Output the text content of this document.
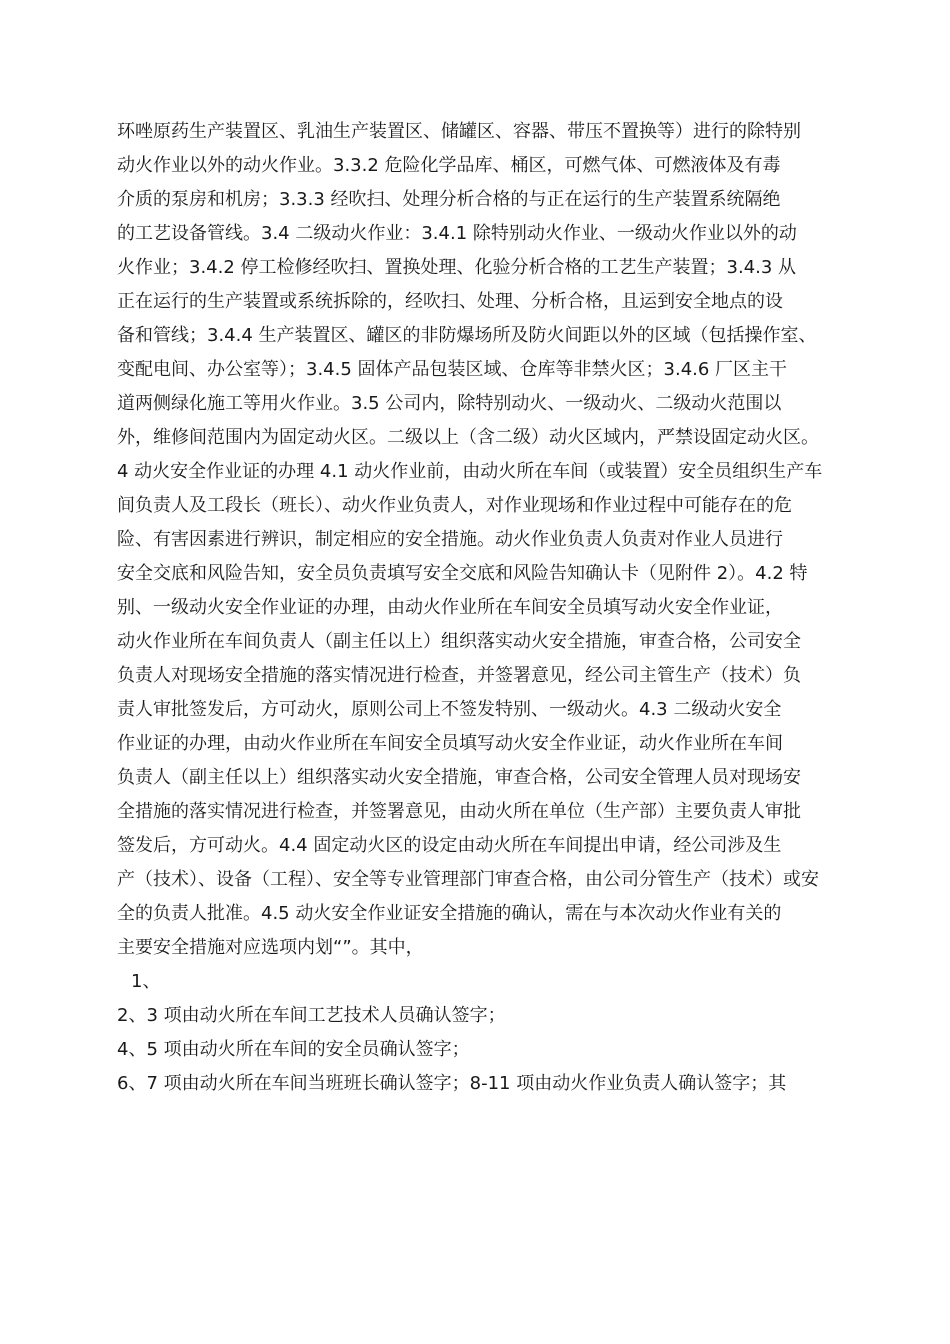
环唑原药生产装置区、乳油生产装置区、储罐区、容器、带压不置换等）进行的除特别
动火作业以外的动火作业。3.3.2 危险化学品库、桶区，可燃气体、可燃液体及有毒
介质的泵房和机房；3.3.3 经吹扫、处理分析合格的与正在运行的生产装置系统隔绝
的工艺设备管线。3.4 二级动火作业：3.4.1 除特别动火作业、一级动火作业以外的动
火作业；3.4.2 停工检修经吹扫、置换处理、化验分析合格的工艺生产装置；3.4.3 从
正在运行的生产装置或系统拆除的，经吹扫、处理、分析合格，且运到安全地点的设
备和管线；3.4.4 生产装置区、罐区的非防爆场所及防火间距以外的区域（包括操作室、
变配电间、办公室等）；3.4.5 固体产品包装区域、仓库等非禁火区；3.4.6 厂区主干
道两侧绿化施工等用火作业。3.5 公司内，除特别动火、一级动火、二级动火范围以
外，维修间范围内为固定动火区。二级以上（含二级）动火区域内，严禁设固定动火区。
4 动火安全作业证的办理 4.1 动火作业前，由动火所在车间（或装置）安全员组织生产车
间负责人及工段长（班长）、动火作业负责人，对作业现场和作业过程中可能存在的危
险、有害因素进行辨识，制定相应的安全措施。动火作业负责人负责对作业人员进行
安全交底和风险告知，安全员负责填写安全交底和风险告知确认卡（见附件 2）。4.2 特
别、一级动火安全作业证的办理，由动火作业所在车间安全员填写动火安全作业证，
动火作业所在车间负责人（副主任以上）组织落实动火安全措施，审查合格，公司安全
负责人对现场安全措施的落实情况进行检查，并签署意见，经公司主管生产（技术）负
责人审批签发后，方可动火，原则公司上不签发特别、一级动火。4.3 二级动火安全
作业证的办理，由动火作业所在车间安全员填写动火安全作业证，动火作业所在车间
负责人（副主任以上）组织落实动火安全措施，审查合格，公司安全管理人员对现场安
全措施的落实情况进行检查，并签署意见，由动火所在单位（生产部）主要负责人审批
签发后，方可动火。4.4 固定动火区的设定由动火所在车间提出申请，经公司涉及生
产（技术）、设备（工程）、安全等专业管理部门审查合格，由公司分管生产（技术）或安
全的负责人批准。4.5 动火安全作业证安全措施的确认，需在与本次动火作业有关的
主要安全措施对应选项内划“”。其中，
1、
2、3 项由动火所在车间工艺技术人员确认签字；
4、5 项由动火所在车间的安全员确认签字；
6、7 项由动火所在车间当班班长确认签字；8-11 项由动火作业负责人确认签字；其
